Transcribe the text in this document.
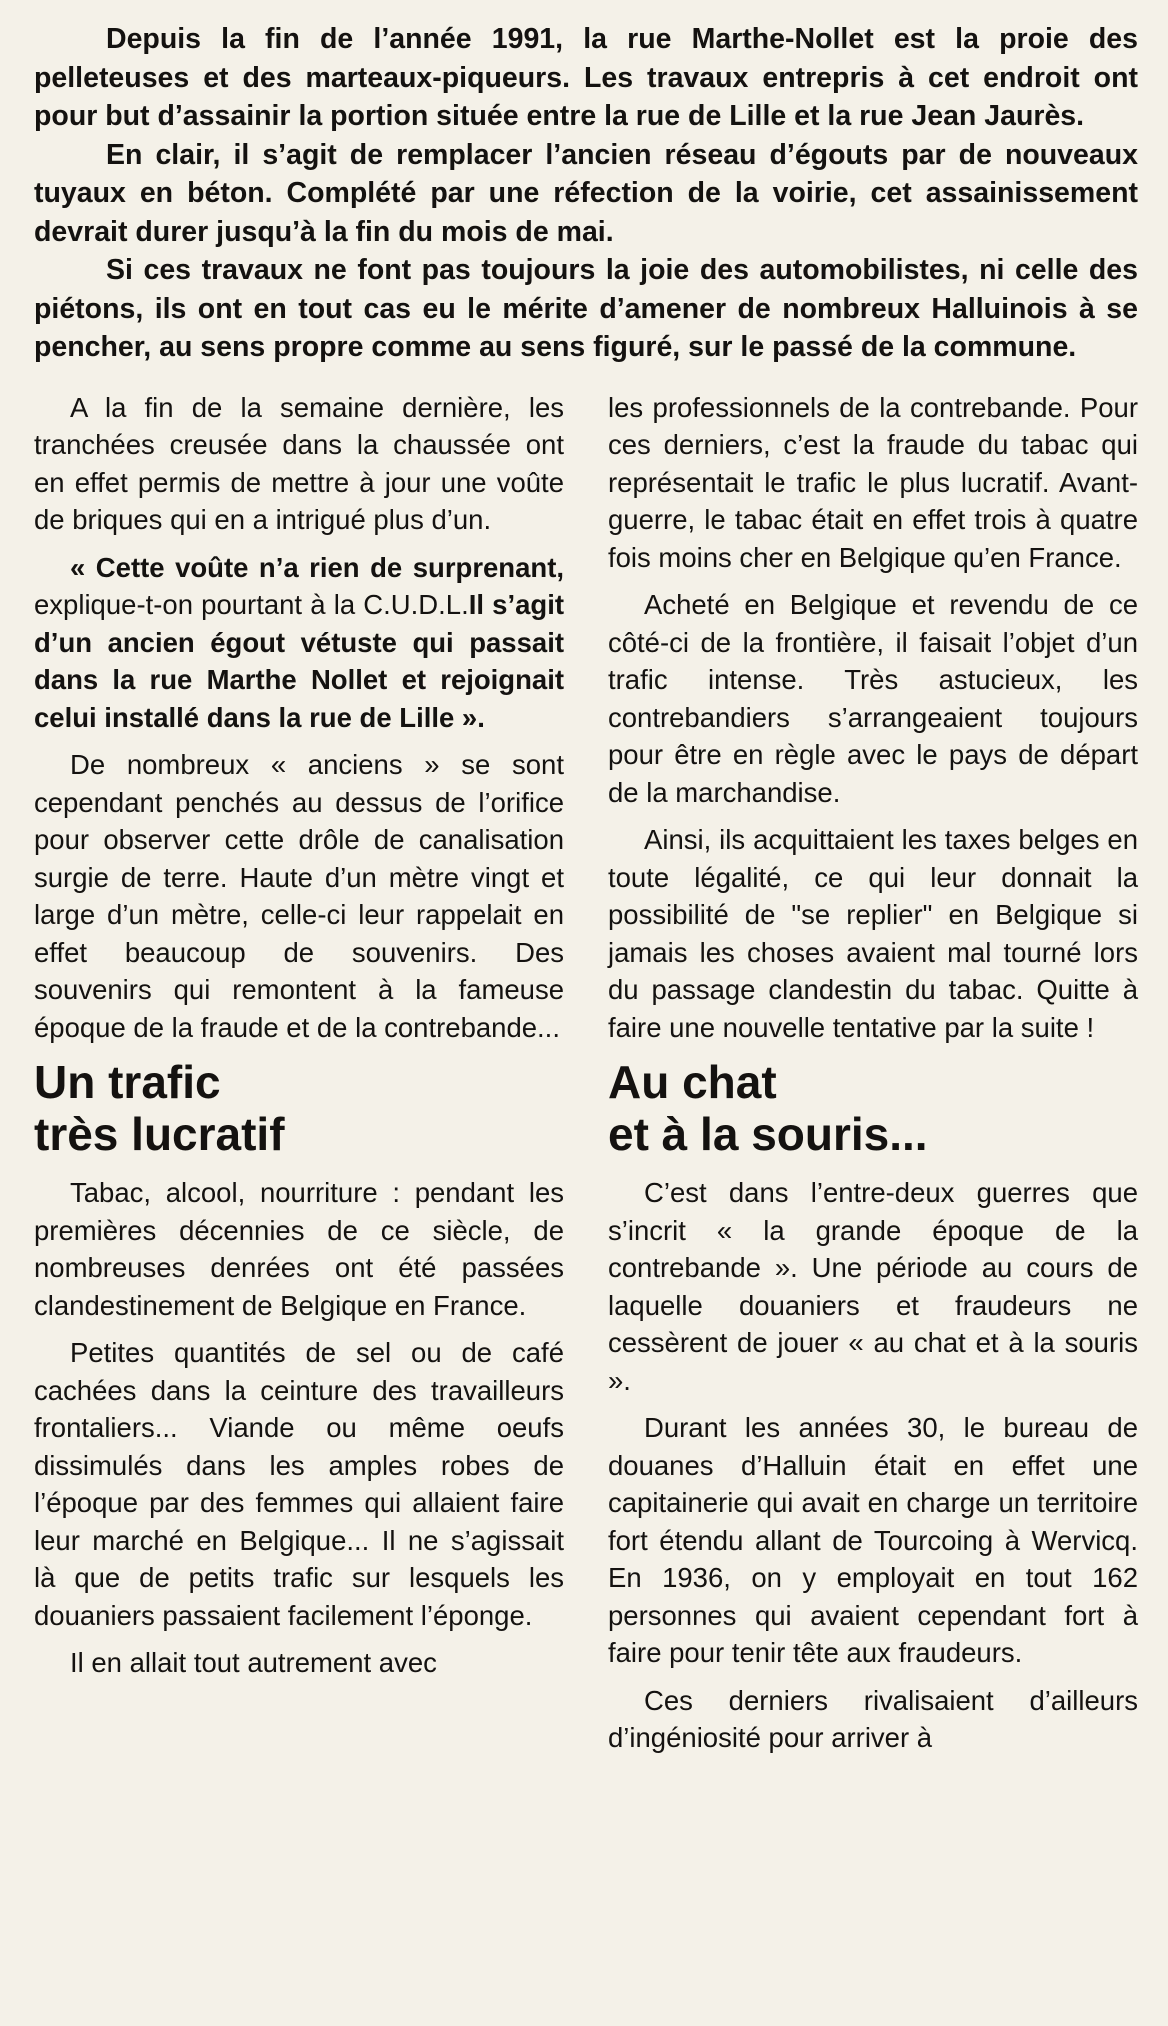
Depuis la fin de l’année 1991, la rue Marthe-Nollet est la proie des pelleteuses et des marteaux-piqueurs. Les travaux entrepris à cet endroit ont pour but d’assainir la portion située entre la rue de Lille et la rue Jean Jaurès.

En clair, il s’agit de remplacer l’ancien réseau d’égouts par de nouveaux tuyaux en béton. Complété par une réfection de la voirie, cet assainissement devrait durer jusqu’à la fin du mois de mai.

Si ces travaux ne font pas toujours la joie des automobilistes, ni celle des piétons, ils ont en tout cas eu le mérite d’amener de nombreux Halluinois à se pencher, au sens propre comme au sens figuré, sur le passé de la commune.

A la fin de la semaine dernière, les tranchées creusée dans la chaussée ont en effet permis de mettre à jour une voûte de briques qui en a intrigué plus d’un.

« Cette voûte n’a rien de surprenant, explique-t-on pourtant à la C.U.D.L.Il s’agit d’un ancien égout vétuste qui passait dans la rue Marthe Nollet et rejoignait celui installé dans la rue de Lille ».

De nombreux « anciens » se sont cependant penchés au dessus de l’orifice pour observer cette drôle de canalisation surgie de terre. Haute d’un mètre vingt et large d’un mètre, celle-ci leur rappelait en effet beaucoup de souvenirs. Des souvenirs qui remontent à la fameuse époque de la fraude et de la contrebande...

Un trafic
très lucratif

Tabac, alcool, nourriture : pendant les premières décennies de ce siècle, de nombreuses denrées ont été passées clandestinement de Belgique en France.

Petites quantités de sel ou de café cachées dans la ceinture des travailleurs frontaliers... Viande ou même oeufs dissimulés dans les amples robes de l’époque par des femmes qui allaient faire leur marché en Belgique... Il ne s’agissait là que de petits trafic sur lesquels les douaniers passaient facilement l’éponge.

Il en allait tout autrement avec

les professionnels de la contrebande. Pour ces derniers, c’est la fraude du tabac qui représentait le trafic le plus lucratif. Avant-guerre, le tabac était en effet trois à quatre fois moins cher en Belgique qu’en France.

Acheté en Belgique et revendu de ce côté-ci de la frontière, il faisait l’objet d’un trafic intense. Très astucieux, les contrebandiers s’arrangeaient toujours pour être en règle avec le pays de départ de la marchandise.

Ainsi, ils acquittaient les taxes belges en toute légalité, ce qui leur donnait la possibilité de "se replier" en Belgique si jamais les choses avaient mal tourné lors du passage clandestin du tabac. Quitte à faire une nouvelle tentative par la suite !

Au chat
et à la souris...

C’est dans l’entre-deux guerres que s’incrit « la grande époque de la contrebande ». Une période au cours de laquelle douaniers et fraudeurs ne cessèrent de jouer « au chat et à la souris ».

Durant les années 30, le bureau de douanes d’Halluin était en effet une capitainerie qui avait en charge un territoire fort étendu allant de Tourcoing à Wervicq. En 1936, on y employait en tout 162 personnes qui avaient cependant fort à faire pour tenir tête aux fraudeurs.

Ces derniers rivalisaient d’ailleurs d’ingéniosité pour arriver à
